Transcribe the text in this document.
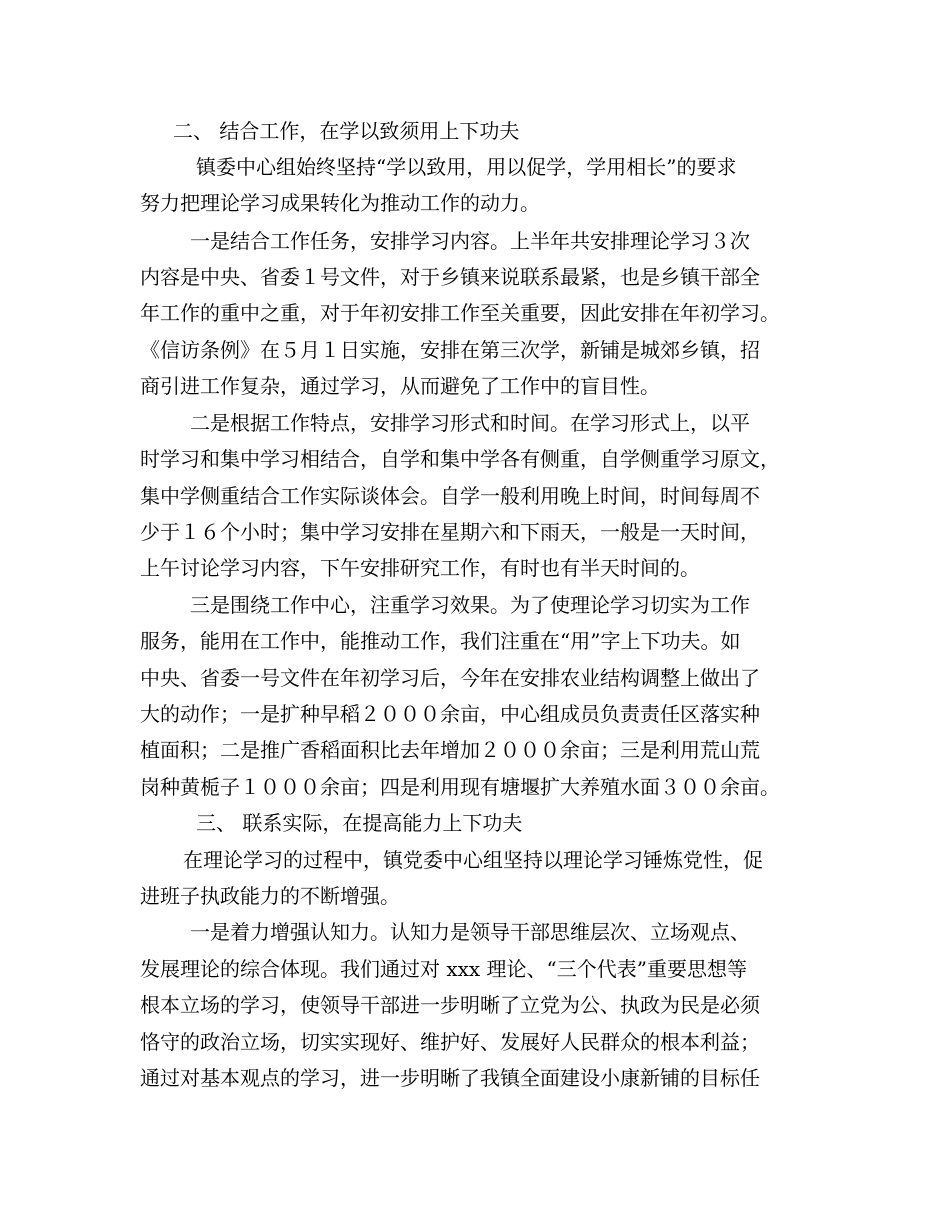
二、 结合工作，在学以致须用上下功夫
镇委中心组始终坚持“学以致用，用以促学，学用相长”的要求
努力把理论学习成果转化为推动工作的动力。
一是结合工作任务，安排学习内容。上半年共安排理论学习３次
内容是中央、省委１号文件，对于乡镇来说联系最紧，也是乡镇干部全
年工作的重中之重，对于年初安排工作至关重要，因此安排在年初学习。
《信访条例》在５月１日实施，安排在第三次学，新铺是城郊乡镇，招
商引进工作复杂，通过学习，从而避免了工作中的盲目性。
二是根据工作特点，安排学习形式和时间。在学习形式上，以平
时学习和集中学习相结合，自学和集中学各有侧重，自学侧重学习原文，
集中学侧重结合工作实际谈体会。自学一般利用晚上时间，时间每周不
少于１６个小时；集中学习安排在星期六和下雨天，一般是一天时间，
上午讨论学习内容，下午安排研究工作，有时也有半天时间的。
三是围绕工作中心，注重学习效果。为了使理论学习切实为工作
服务，能用在工作中，能推动工作，我们注重在“用”字上下功夫。如
中央、省委一号文件在年初学习后，今年在安排农业结构调整上做出了
大的动作；一是扩种早稻２０００余亩，中心组成员负责责任区落实种
植面积；二是推广香稻面积比去年增加２０００余亩；三是利用荒山荒
岗种黄栀子１０００余亩；四是利用现有塘堰扩大养殖水面３００余亩。
三、 联系实际，在提高能力上下功夫
在理论学习的过程中，镇党委中心组坚持以理论学习锤炼党性，促
进班子执政能力的不断增强。
一是着力增强认知力。认知力是领导干部思维层次、立场观点、
发展理论的综合体现。我们通过对 xxx 理论、“三个代表”重要思想等
根本立场的学习，使领导干部进一步明晰了立党为公、执政为民是必须
恪守的政治立场，切实实现好、维护好、发展好人民群众的根本利益；
通过对基本观点的学习，进一步明晰了我镇全面建设小康新铺的目标任
